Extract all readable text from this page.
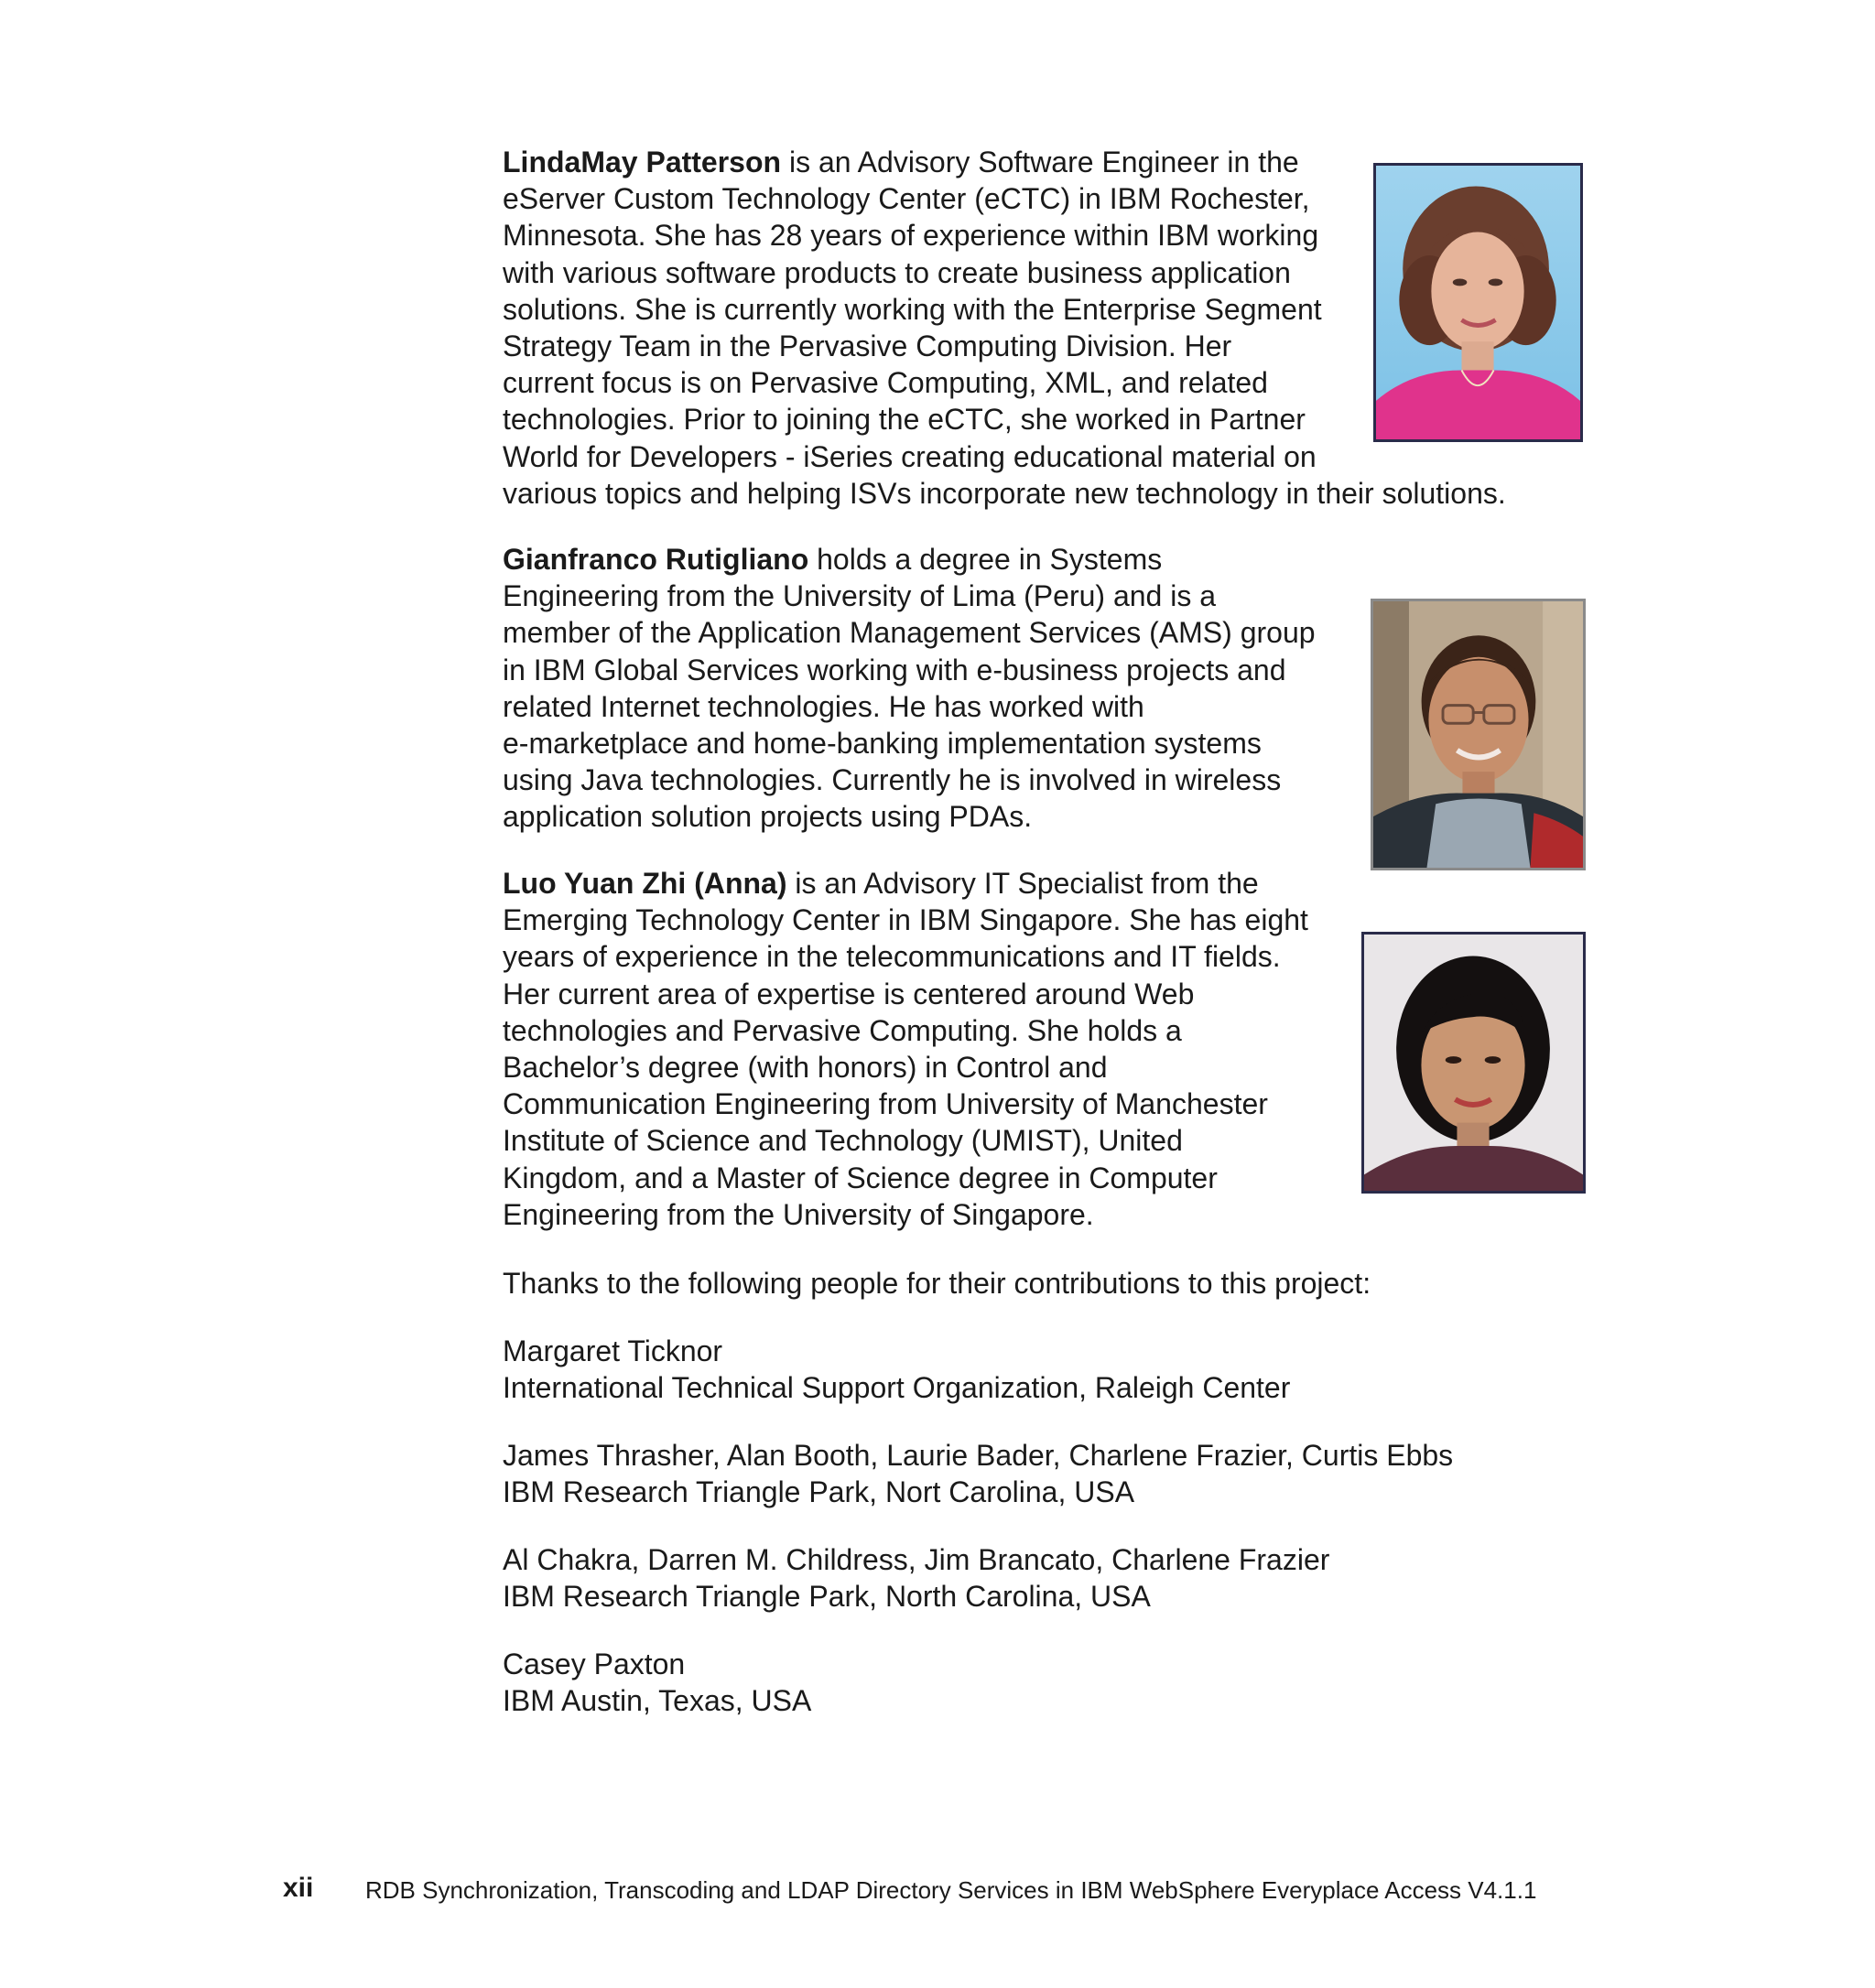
LindaMay Patterson is an Advisory Software Engineer in the
eServer Custom Technology Center (eCTC) in IBM Rochester,
Minnesota. She has 28 years of experience within IBM working
with various software products to create business application
solutions. She is currently working with the Enterprise Segment
Strategy Team in the Pervasive Computing Division. Her
current focus is on Pervasive Computing, XML, and related
technologies. Prior to joining the eCTC, she worked in Partner
World for Developers - iSeries creating educational material on
various topics and helping ISVs incorporate new technology in their solutions.
Gianfranco Rutigliano holds a degree in Systems
Engineering from the University of Lima (Peru) and is a
member of the Application Management Services (AMS) group
in IBM Global Services working with e-business projects and
related Internet technologies. He has worked with
e-marketplace and home-banking implementation systems
using Java technologies. Currently he is involved in wireless
application solution projects using PDAs.
Luo Yuan Zhi (Anna) is an Advisory IT Specialist from the
Emerging Technology Center in IBM Singapore. She has eight
years of experience in the telecommunications and IT fields.
Her current area of expertise is centered around Web
technologies and Pervasive Computing. She holds a
Bachelor’s degree (with honors) in Control and
Communication Engineering from University of Manchester
Institute of Science and Technology (UMIST), United
Kingdom, and a Master of Science degree in Computer
Engineering from the University of Singapore.
Thanks to the following people for their contributions to this project:
Margaret Ticknor
International Technical Support Organization, Raleigh Center
James Thrasher, Alan Booth, Laurie Bader, Charlene Frazier, Curtis Ebbs
IBM Research Triangle Park, Nort Carolina, USA
Al Chakra, Darren M. Childress, Jim Brancato, Charlene Frazier
IBM Research Triangle Park, North Carolina, USA
Casey Paxton
IBM Austin, Texas, USA
xii RDB Synchronization, Transcoding and LDAP Directory Services in IBM WebSphere Everyplace Access V4.1.1
